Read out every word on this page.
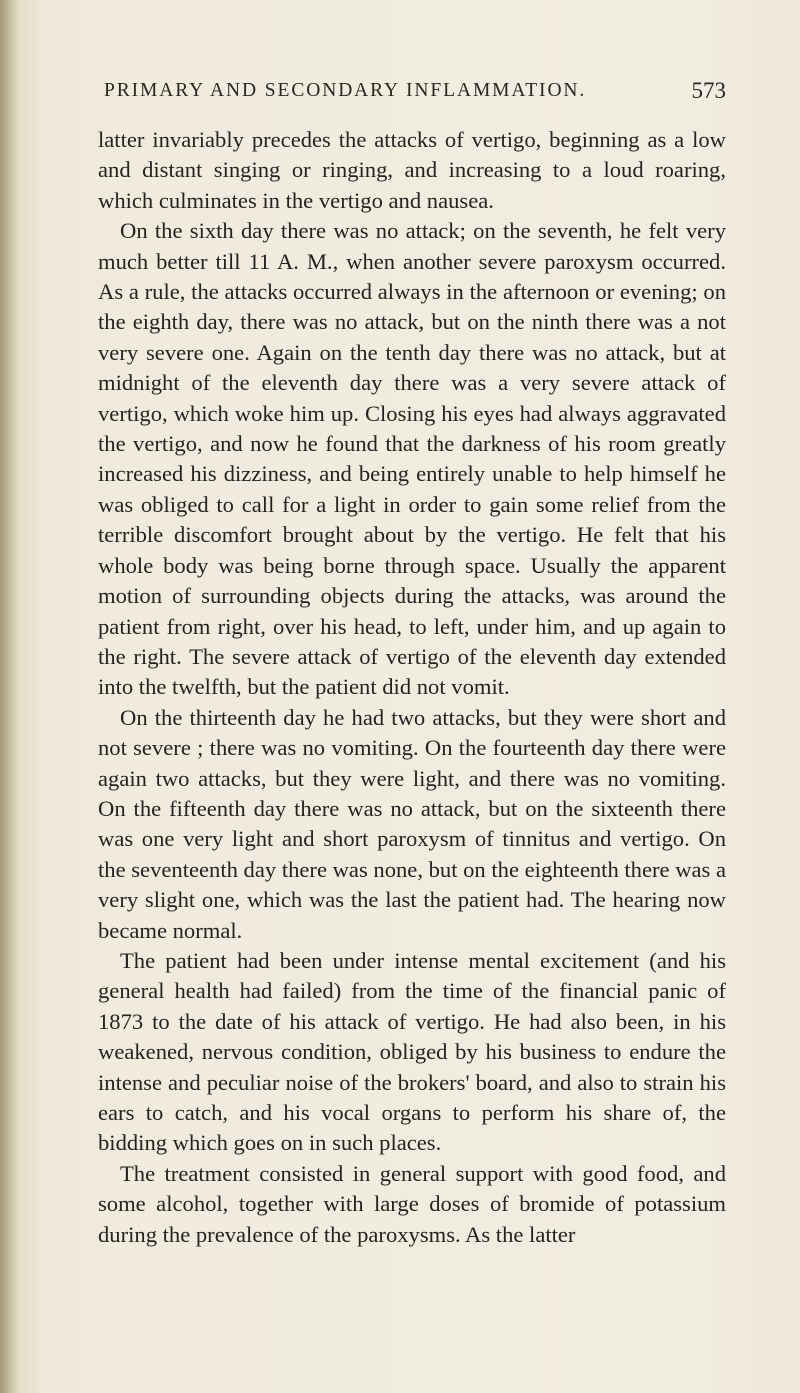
PRIMARY AND SECONDARY INFLAMMATION.	573

latter invariably precedes the attacks of vertigo, beginning as a low and distant singing or ringing, and increasing to a loud roaring, which culminates in the vertigo and nausea.

On the sixth day there was no attack; on the seventh, he felt very much better till 11 A. M., when another severe paroxysm occurred. As a rule, the attacks occurred always in the afternoon or evening; on the eighth day, there was no attack, but on the ninth there was a not very severe one. Again on the tenth day there was no attack, but at midnight of the eleventh day there was a very severe attack of vertigo, which woke him up. Closing his eyes had always aggravated the vertigo, and now he found that the darkness of his room greatly increased his dizziness, and being entirely unable to help himself he was obliged to call for a light in order to gain some relief from the terrible discomfort brought about by the vertigo. He felt that his whole body was being borne through space. Usually the apparent motion of surrounding objects during the attacks, was around the patient from right, over his head, to left, under him, and up again to the right. The severe attack of vertigo of the eleventh day extended into the twelfth, but the patient did not vomit.

On the thirteenth day he had two attacks, but they were short and not severe ; there was no vomiting. On the fourteenth day there were again two attacks, but they were light, and there was no vomiting. On the fifteenth day there was no attack, but on the sixteenth there was one very light and short paroxysm of tinnitus and vertigo. On the seventeenth day there was none, but on the eighteenth there was a very slight one, which was the last the patient had. The hearing now became normal.

The patient had been under intense mental excitement (and his general health had failed) from the time of the financial panic of 1873 to the date of his attack of vertigo. He had also been, in his weakened, nervous condition, obliged by his business to endure the intense and peculiar noise of the brokers' board, and also to strain his ears to catch, and his vocal organs to perform his share of, the bidding which goes on in such places.

The treatment consisted in general support with good food, and some alcohol, together with large doses of bromide of potassium during the prevalence of the paroxysms. As the latter
